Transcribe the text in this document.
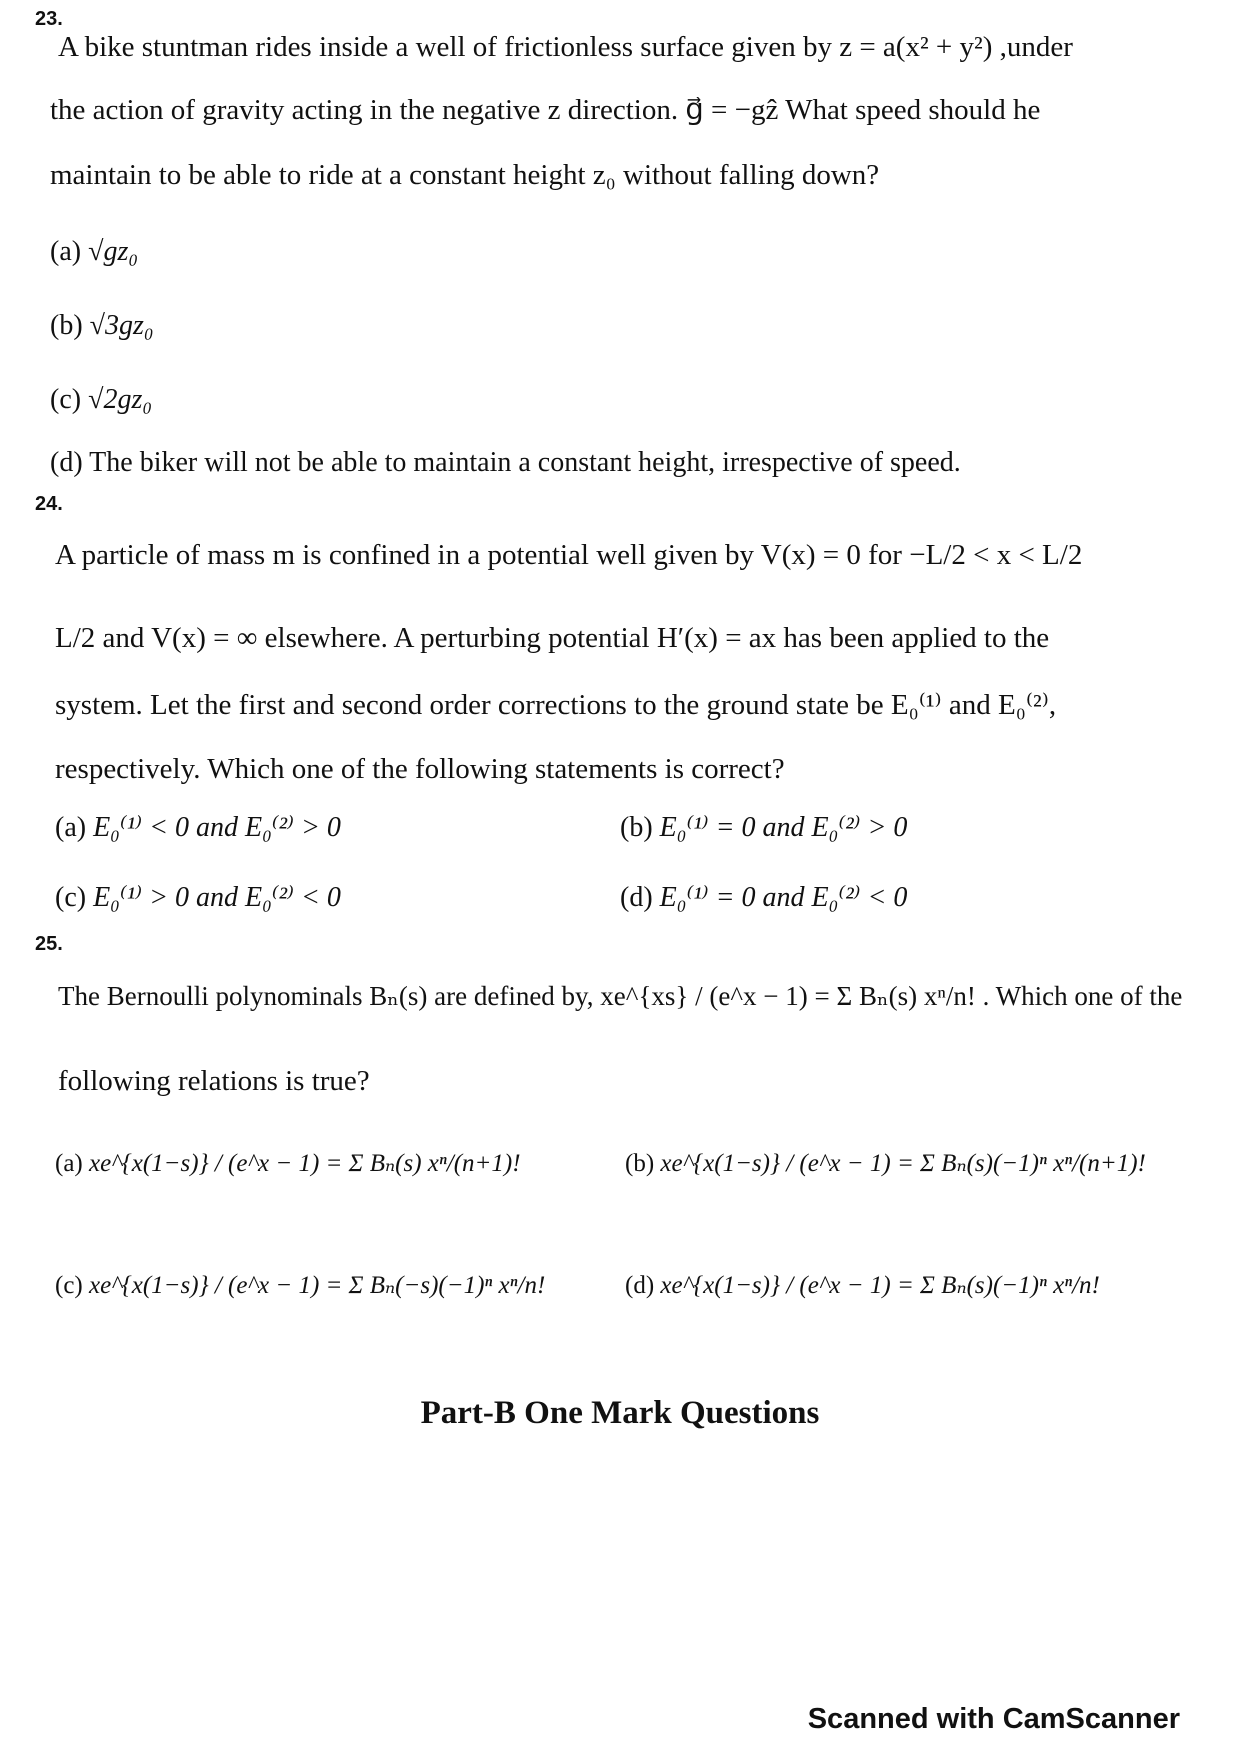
23.
A bike stuntman rides inside a well of frictionless surface given by z = a(x² + y²) ,under
the action of gravity acting in the negative z direction. g⃗ = −gẑ What speed should he
maintain to be able to ride at a constant height z₀ without falling down?
(a) √gz₀
(b) √3gz₀
(c) √2gz₀
(d) The biker will not be able to maintain a constant height, irrespective of speed.
24.
A particle of mass m is confined in a potential well given by V(x) = 0 for −L/2 < x < L/2
L/2 and V(x) = ∞ elsewhere. A perturbing potential H′(x) = ax has been applied to the
system. Let the first and second order corrections to the ground state be E₀⁽¹⁾ and E₀⁽²⁾,
respectively. Which one of the following statements is correct?
(a) E₀⁽¹⁾ < 0 and E₀⁽²⁾ > 0	(b) E₀⁽¹⁾ = 0 and E₀⁽²⁾ > 0
(c) E₀⁽¹⁾ > 0 and E₀⁽²⁾ < 0	(d) E₀⁽¹⁾ = 0 and E₀⁽²⁾ < 0
25.
The Bernoulli polynominals Bₙ(s) are defined by, xe^{xs} / (e^x − 1) = Σ Bₙ(s) xⁿ/n! . Which one of the
following relations is true?
(a) xe^{x(1−s)} / (e^x − 1) = Σ Bₙ(s) xⁿ/(n+1)!	(b) xe^{x(1−s)} / (e^x − 1) = Σ Bₙ(s)(−1)ⁿ xⁿ/(n+1)!
(c) xe^{x(1−s)} / (e^x − 1) = Σ Bₙ(−s)(−1)ⁿ xⁿ/n!	(d) xe^{x(1−s)} / (e^x − 1) = Σ Bₙ(s)(−1)ⁿ xⁿ/n!
Part-B One Mark Questions
Scanned with CamScanner
